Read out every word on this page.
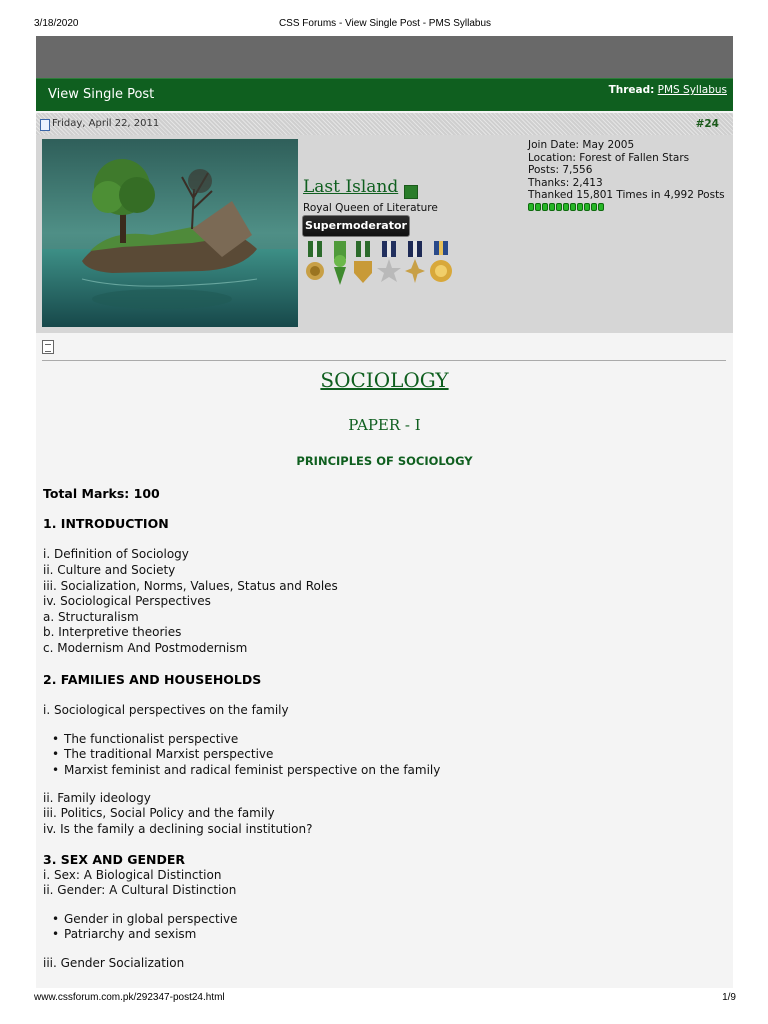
3/18/2020	CSS Forums - View Single Post - PMS Syllabus
View Single Post	Thread: PMS Syllabus
Friday, April 22, 2011	#24
Last Island
Royal Queen of Literature
Supermoderator
Join Date: May 2005
Location: Forest of Fallen Stars
Posts: 7,556
Thanks: 2,413
Thanked 15,801 Times in 4,992 Posts
SOCIOLOGY
PAPER - I
PRINCIPLES OF SOCIOLOGY
Total Marks: 100
1. INTRODUCTION
i. Definition of Sociology
ii. Culture and Society
iii. Socialization, Norms, Values, Status and Roles
iv. Sociological Perspectives
a. Structuralism
b. Interpretive theories
c. Modernism And Postmodernism
2. FAMILIES AND HOUSEHOLDS
i. Sociological perspectives on the family
• The functionalist perspective
• The traditional Marxist perspective
• Marxist feminist and radical feminist perspective on the family
ii. Family ideology
iii. Politics, Social Policy and the family
iv. Is the family a declining social institution?
3. SEX AND GENDER
i. Sex: A Biological Distinction
ii. Gender: A Cultural Distinction
• Gender in global perspective
• Patriarchy and sexism
iii. Gender Socialization
www.cssforum.com.pk/292347-post24.html	1/9
